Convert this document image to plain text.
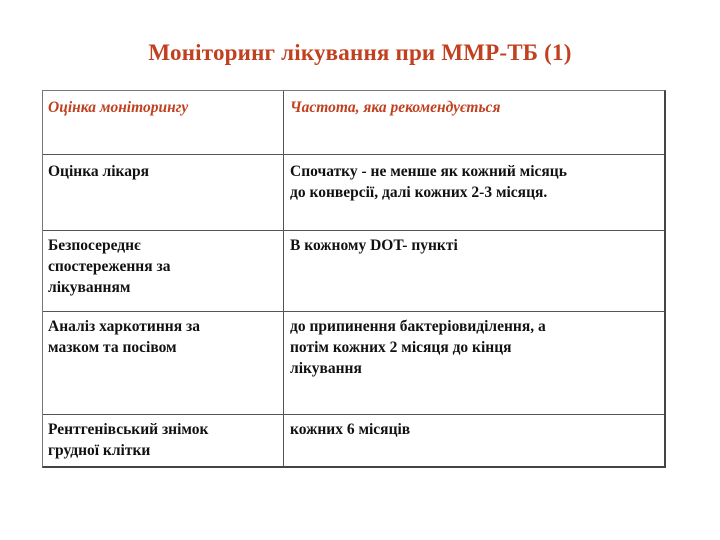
Моніторинг лікування при ММР-ТБ (1)
Оцінка моніторингу	Частота, яка рекомендується
Оцінка лікаря	Спочатку - не менше як кожний місяць
до конверсії, далі кожних 2-3 місяця.
Безпосереднє
спостереження за
лікуванням
В кожному DOT- пункті
Аналіз харкотиння за
мазком та посівом
до припинення бактеріовиділення, а
потім кожних 2 місяця до кінця
лікування
Рентгенівський знімок
грудної клітки
кожних 6 місяців
